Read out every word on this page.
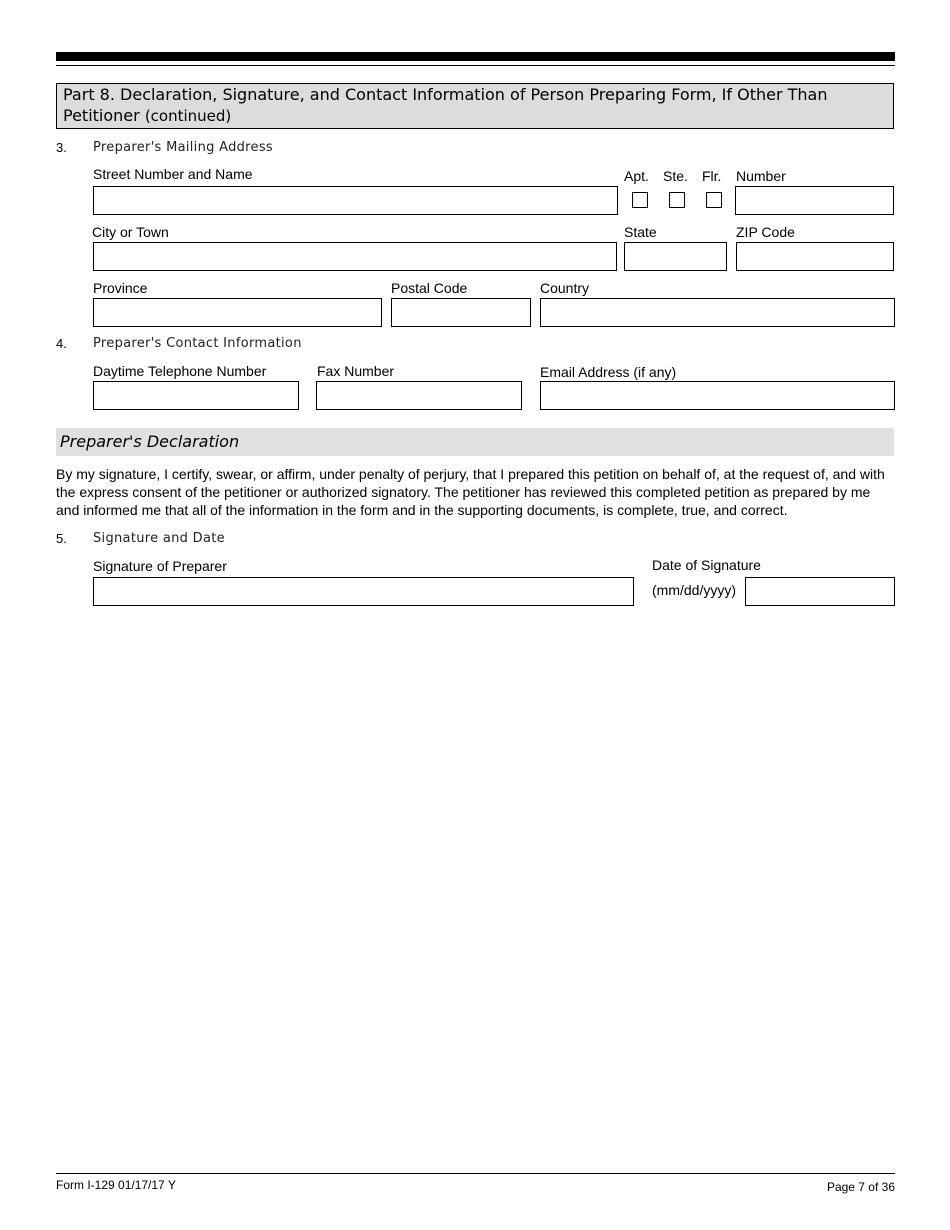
Part 8. Declaration, Signature, and Contact Information of Person Preparing Form, If Other Than Petitioner (continued)
3. Preparer's Mailing Address
Street Number and Name	Apt. Ste. Flr. Number
City or Town	State	ZIP Code
Province	Postal Code	Country
4. Preparer's Contact Information
Daytime Telephone Number	Fax Number	Email Address (if any)
Preparer's Declaration
By my signature, I certify, swear, or affirm, under penalty of perjury, that I prepared this petition on behalf of, at the request of, and with the express consent of the petitioner or authorized signatory. The petitioner has reviewed this completed petition as prepared by me and informed me that all of the information in the form and in the supporting documents, is complete, true, and correct.
5. Signature and Date
Signature of Preparer	Date of Signature
(mm/dd/yyyy)
Form I-129 01/17/17 Y	Page 7 of 36
